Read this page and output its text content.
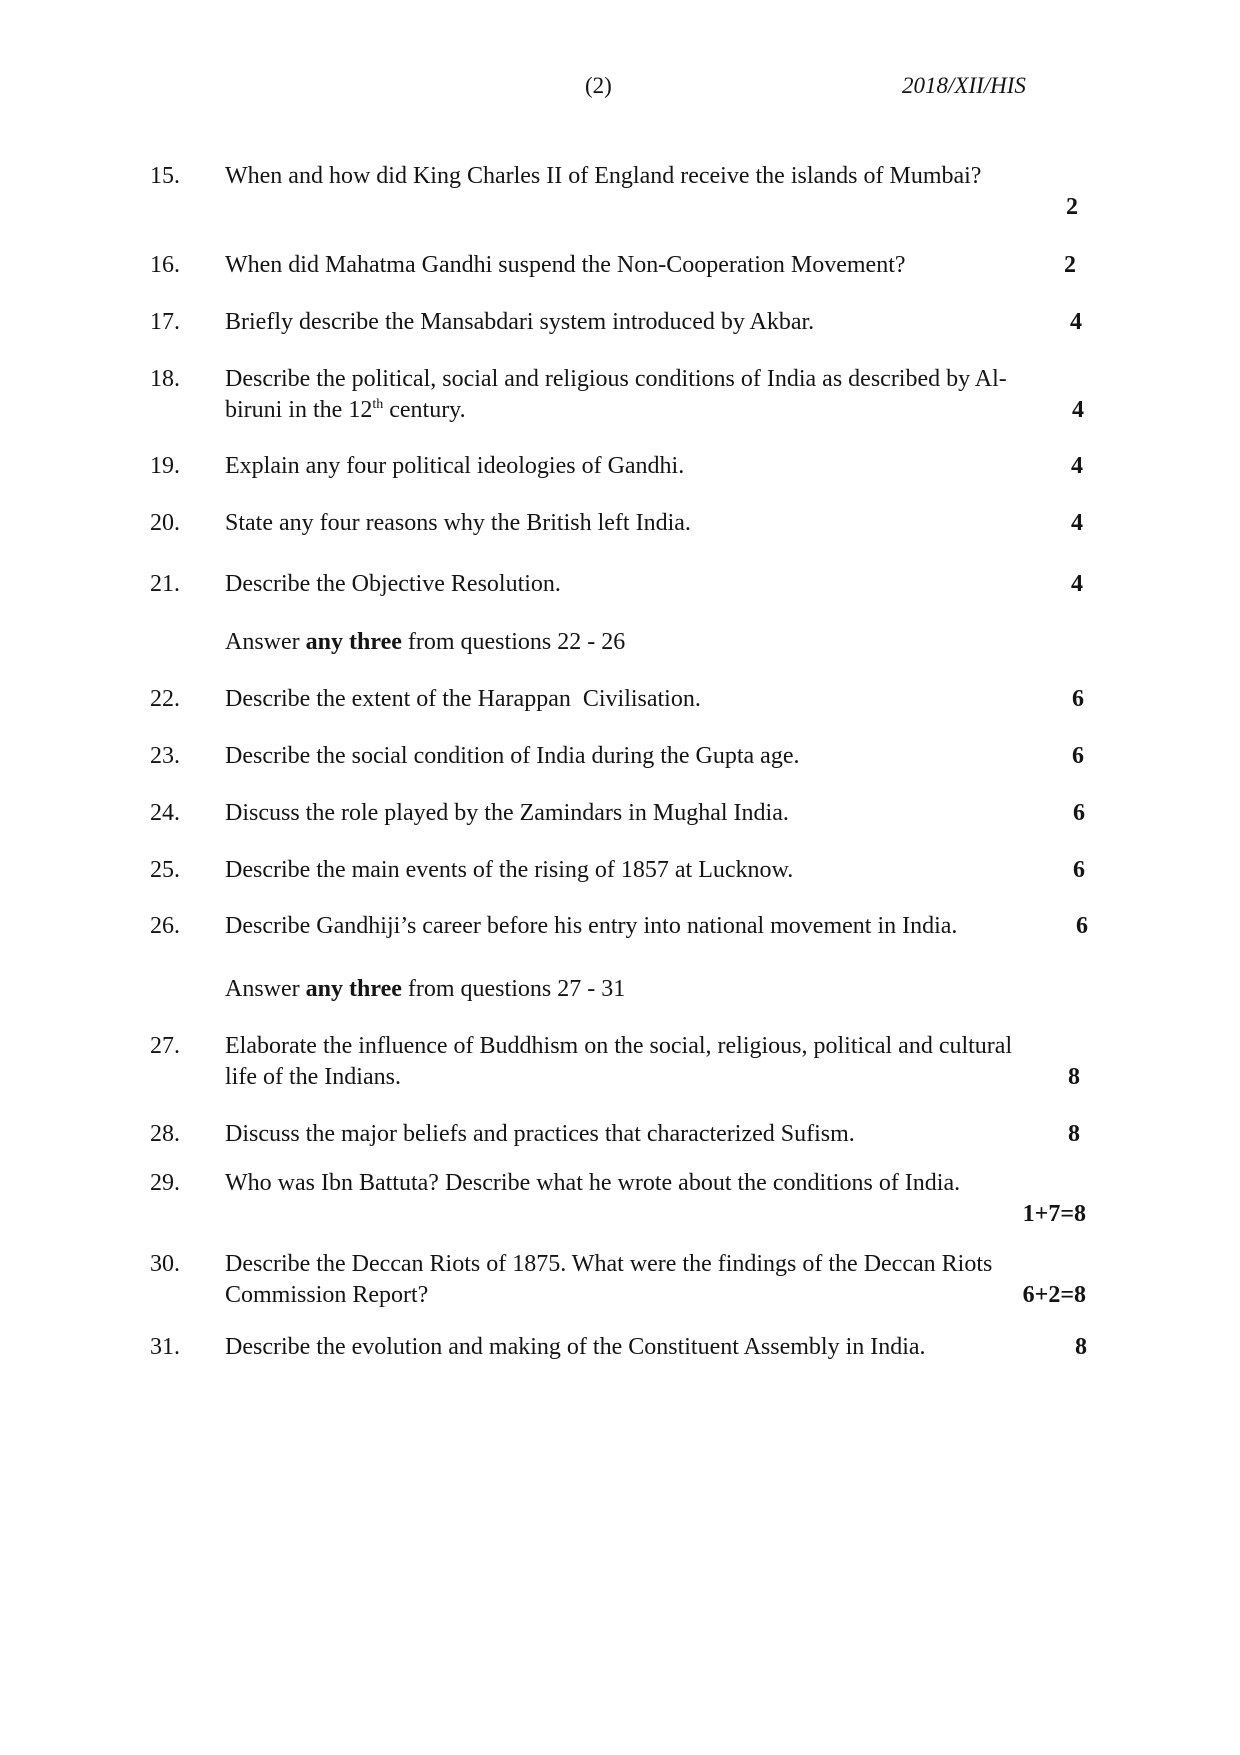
(2)	2018/XII/HIS
15. When and how did King Charles II of England receive the islands of Mumbai?
2
16. When did Mahatma Gandhi suspend the Non-Cooperation Movement?	2
17. Briefly describe the Mansabdari system introduced by Akbar.	4
18. Describe the political, social and religious conditions of India as described by Al-biruni in the 12th century.	4
19. Explain any four political ideologies of Gandhi.	4
20. State any four reasons why the British left India.	4
21. Describe the Objective Resolution.	4
Answer any three from questions 22 - 26
22. Describe the extent of the Harappan  Civilisation.	6
23. Describe the social condition of India during the Gupta age.	6
24. Discuss the role played by the Zamindars in Mughal India.	6
25. Describe the main events of the rising of 1857 at Lucknow.	6
26. Describe Gandhiji’s career before his entry into national movement in India.	6
Answer any three from questions 27 - 31
27. Elaborate the influence of Buddhism on the social, religious, political and cultural life of the Indians.	8
28. Discuss the major beliefs and practices that characterized Sufism.	8
29. Who was Ibn Battuta? Describe what he wrote about the conditions of India.
1+7=8
30. Describe the Deccan Riots of 1875. What were the findings of the Deccan Riots Commission Report?	6+2=8
31. Describe the evolution and making of the Constituent Assembly in India.	8
